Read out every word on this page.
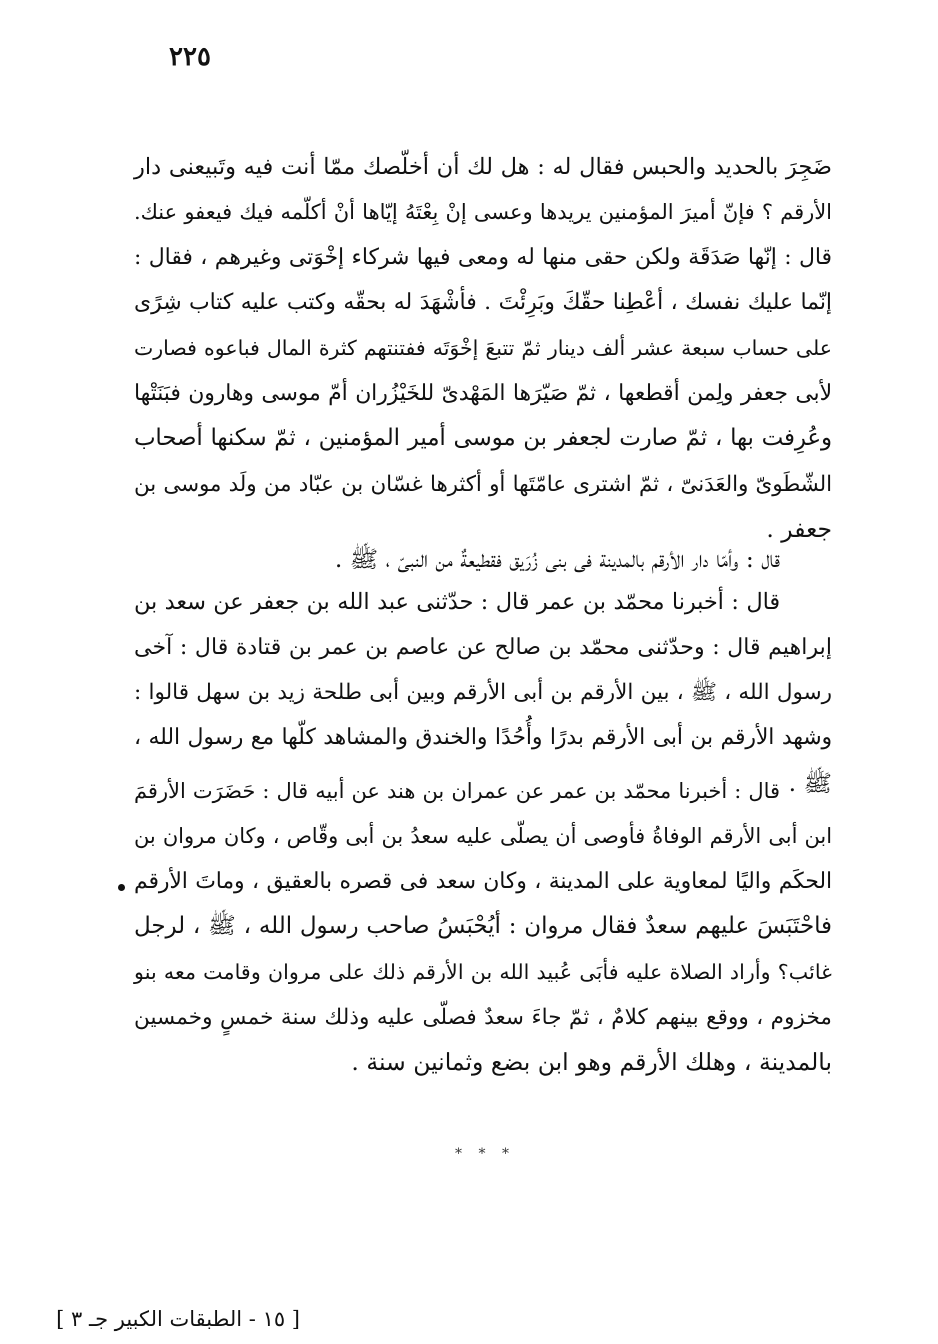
٢٢٥

ضَجِرَ بالحديد والحبس فقال له : هل لك أن أخلّصك ممّا أنت فيه وتَبيعنى دار
الأرقم ؟ فإنّ أميرَ المؤمنين يريدها وعسى إنْ بِعْتَهُ إيّاها أنْ أكلّمه فيك فيعفو عنك.
قال : إنّها صَدَقَة ولكن حقى منها له ومعى فيها شركاء إخْوَتى وغيرهم ، فقال :
إنّما عليك نفسك ، أعْطِنا حقّكَ وبَرِئْتَ . فأشْهَدَ له بحقّه وكتب عليه كتاب شِرًى
على حساب سبعة عشر ألف دينار ثمّ تتبعَ إخْوَتَه ففتنتهم كثرة المال فباعوه فصارت
لأبى جعفر ولِمن أقطعها ، ثمّ صَيّرَها المَهْدىّ للخَيْزُران أمّ موسى وهارون فبَنَتْها
وعُرِفت بها ، ثمّ صارت لجعفر بن موسى أمير المؤمنين ، ثمّ سكنها أصحاب
الشّطَوىّ والعَدَنىّ ، ثمّ اشترى عامّتَها أو أكثرها غسّان بن عبّاد من ولَد موسى بن
جعفر .

قال : وأمّا دار الأرقم بالمدينة فى بنى زُرَيق فقطيعةٌ من النبىّ ، ﷺ .

قال : أخبرنا محمّد بن عمر قال : حدّثنى عبد الله بن جعفر عن سعد بن
إبراهيم قال : وحدّثنى محمّد بن صالح عن عاصم بن عمر بن قتادة قال : آخى
رسول الله ، ﷺ ، بين الأرقم بن أبى الأرقم وبين أبى طلحة زيد بن سهل قالوا :
وشهد الأرقم بن أبى الأرقم بدرًا وأُحُدًا والخندق والمشاهد كلّها مع رسول الله ،
ﷺ .

قال : أخبرنا محمّد بن عمر عن عمران بن هند عن أبيه قال : حَضَرَت الأرقمَ
ابن أبى الأرقم الوفاةُ فأوصى أن يصلّى عليه سعدُ بن أبى وقّاص ، وكان مروان بن
الحكَم واليًا لمعاوية على المدينة ، وكان سعد فى قصره بالعقيق ، وماتَ الأرقم
فاحْتَبَسَ عليهم سعدٌ فقال مروان : أيُحْبَسُ صاحب رسول الله ، ﷺ ، لرجل
غائب؟ وأراد الصلاة عليه فأبَى عُبيد الله بن الأرقم ذلك على مروان وقامت معه بنو
مخزوم ، ووقع بينهم كلامٌ ، ثمّ جاءَ سعدٌ فصلّى عليه وذلك سنة خمسٍ وخمسين
بالمدينة ، وهلك الأرقم وهو ابن بضع وثمانين سنة .

* * *
[ ١٥ - الطبقات الكبير جـ ٣ ]
